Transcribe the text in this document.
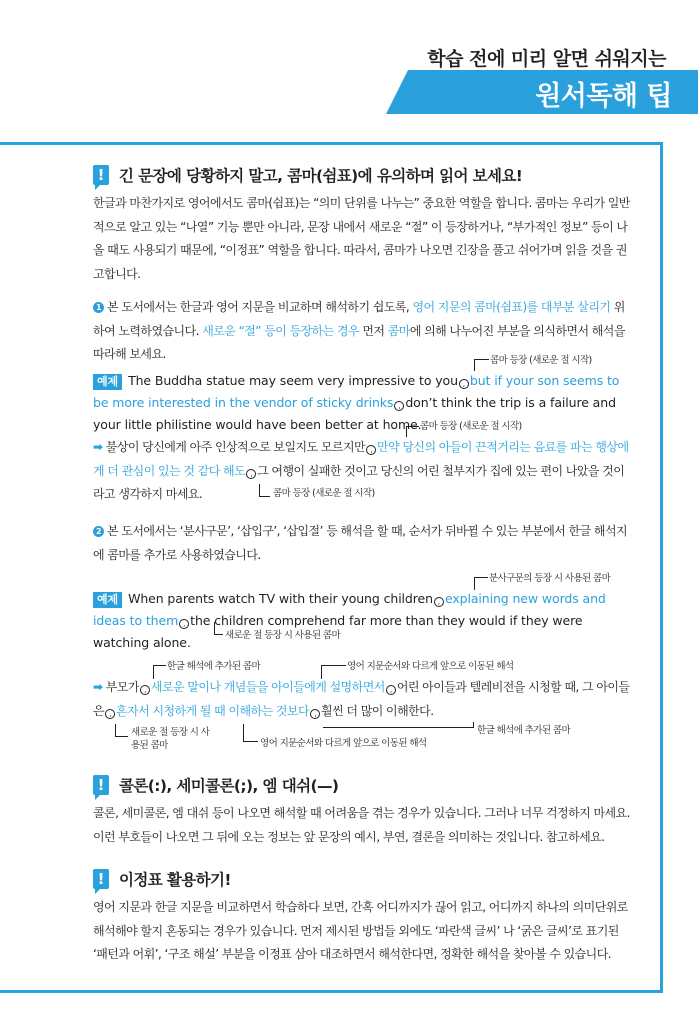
학습 전에 미리 알면 쉬워지는
원서독해 팁
! 긴 문장에 당황하지 말고, 콤마(쉼표)에 유의하며 읽어 보세요!
한글과 마찬가지로 영어에서도 콤마(쉼표)는 “의미 단위를 나누는” 중요한 역할을 합니다. 콤마는 우리가 일반적으로 알고 있는 “나열” 기능 뿐만 아니라, 문장 내에서 새로운 “절” 이 등장하거나, “부가적인 정보” 등이 나올 때도 사용되기 때문에, “이정표” 역할을 합니다. 따라서, 콤마가 나오면 긴장을 풀고 쉬어가며 읽을 것을 권고합니다.
1 본 도서에서는 한글과 영어 지문을 비교하며 해석하기 쉽도록, 영어 지문의 콤마(쉼표)를 대부분 살리기 위하여 노력하였습니다. 새로운 “절” 등이 등장하는 경우 먼저 콤마에 의해 나누어진 부분을 의식하면서 해석을 따라해 보세요.	콤마 등장 (새로운 절 시작)
예제 The Buddha statue may seem very impressive to you , but if your son seems to be more interested in the vendor of sticky drinks , don’t think the trip is a failure and your little philistine would have been better at home.
콤마 등장 (새로운 절 시작)
➡ 불상이 당신에게 아주 인상적으로 보일지도 모르지만 , 만약 당신의 아들이 끈적거리는 음료를 파는 행상에게 더 관심이 있는 것 같다 해도 , 그 여행이 실패한 것이고 당신의 어린 철부지가 집에 있는 편이 나았을 것이라고 생각하지 마세요.	콤마 등장 (새로운 절 시작)
2 본 도서에서는 ‘분사구문’, ‘삽입구’, ‘삽입절’ 등 해석을 할 때, 순서가 뒤바뀔 수 있는 부분에서 한글 해석지에 콤마를 추가로 사용하였습니다.
분사구문의 등장 시 사용된 콤마
예제 When parents watch TV with their young children , explaining new words and ideas to them , the children comprehend far more than they would if they were watching alone.	새로운 절 등장 시 사용된 콤마
한글 해석에 추가된 콤마	영어 지문순서와 다르게 앞으로 이동된 해석
➡ 부모가 , 새로운 말이나 개념들을 아이들에게 설명하면서 , 어린 아이들과 텔레비전을 시청할 때, 그 아이들은 , 혼자서 시청하게 될 때 이해하는 것보다 , 훨씬 더 많이 이해한다.
한글 해석에 추가된 콤마
새로운 절 등장 시 사용된 콤마	영어 지문순서와 다르게 앞으로 이동된 해석
! 콜론(:), 세미콜론(;), 엠 대쉬(—)
콜론, 세미콜론, 엠 대쉬 등이 나오면 해석할 때 어려움을 겪는 경우가 있습니다. 그러나 너무 걱정하지 마세요. 이런 부호들이 나오면 그 뒤에 오는 정보는 앞 문장의 예시, 부연, 결론을 의미하는 것입니다. 참고하세요.
! 이정표 활용하기!
영어 지문과 한글 지문을 비교하면서 학습하다 보면, 간혹 어디까지가 끊어 읽고, 어디까지 하나의 의미단위로 해석해야 할지 혼동되는 경우가 있습니다. 먼저 제시된 방법들 외에도 ‘파란색 글씨’ 나 ‘굵은 글씨’로 표기된 ‘패턴과 어휘’, ‘구조 해설’ 부분을 이정표 삼아 대조하면서 해석한다면, 정확한 해석을 찾아볼 수 있습니다.
